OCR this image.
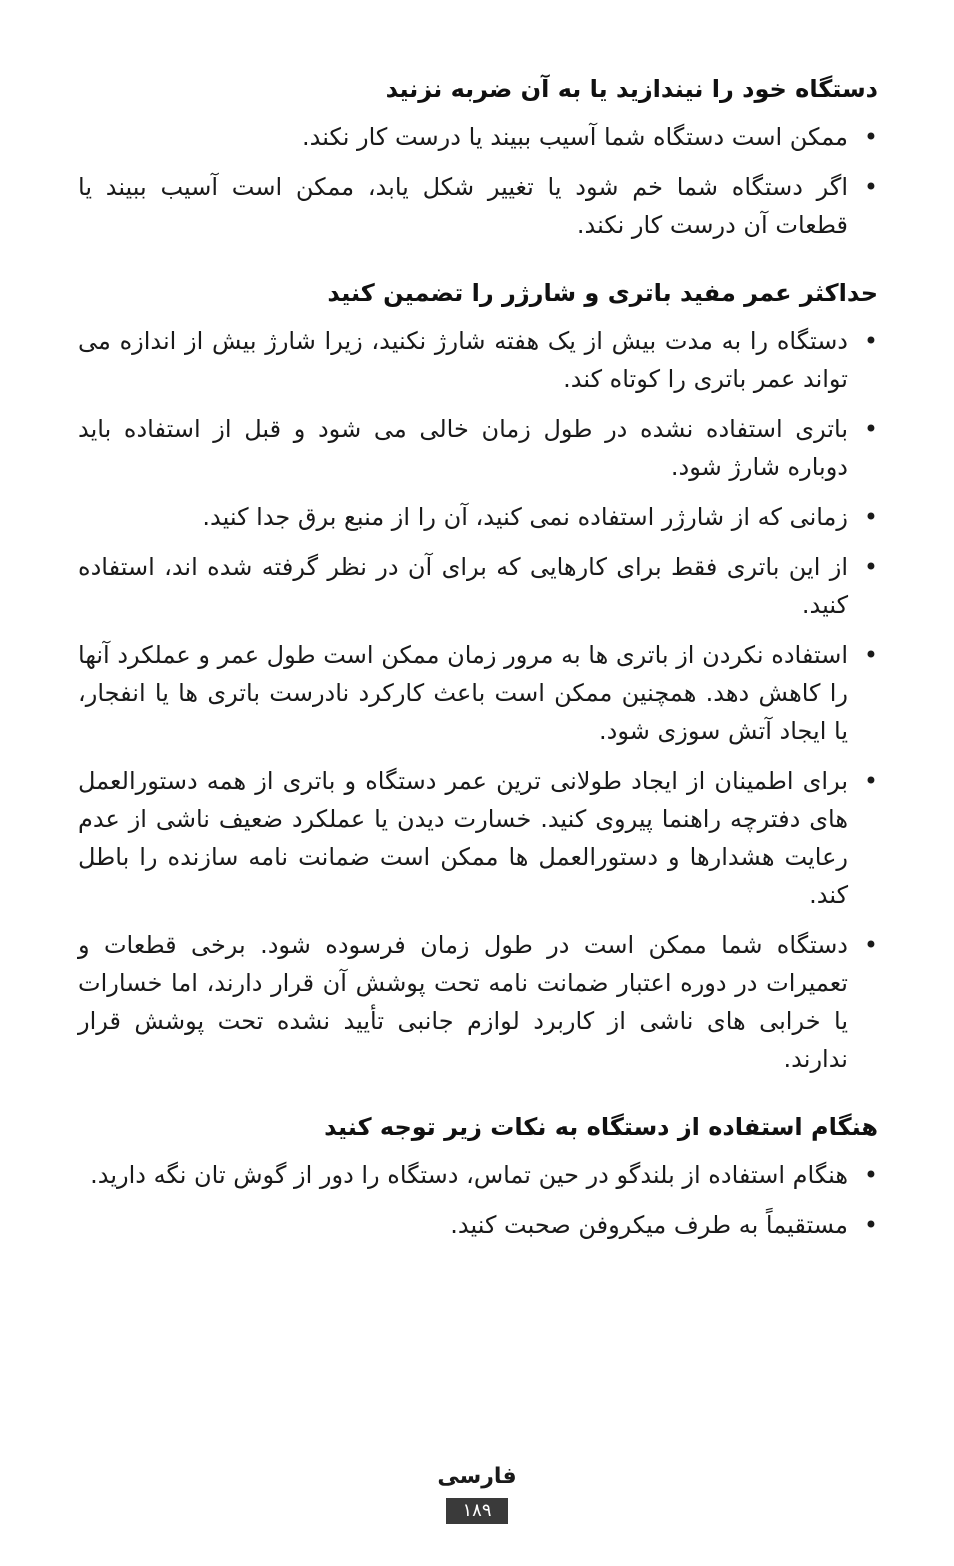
دستگاه خود را نیندازید یا به آن ضربه نزنید
•
ممکن است دستگاه شما آسیب ببیند یا درست کار نکند.
•
اگر دستگاه شما خم شود یا تغییر شکل یابد، ممکن است آسیب ببیند یا قطعات آن درست کار نکند.
حداکثر عمر مفید باتری و شارژر را تضمین کنید
•
دستگاه را به مدت بیش از یک هفته شارژ نکنید، زیرا شارژ بیش از اندازه می تواند عمر باتری را کوتاه کند.
•
باتری استفاده نشده در طول زمان خالی می شود و قبل از استفاده باید دوباره شارژ شود.
•
زمانی که از شارژر استفاده نمی کنید، آن را از منبع برق جدا کنید.
•
از این باتری فقط برای کارهایی که برای آن در نظر گرفته شده اند، استفاده کنید.
•
استفاده نکردن از باتری ها به مرور زمان ممکن است طول عمر و عملکرد آنها را کاهش دهد. همچنین ممکن است باعث کارکرد نادرست باتری ها یا انفجار، یا ایجاد آتش سوزی شود.
•
برای اطمینان از ایجاد طولانی ترین عمر دستگاه و باتری از همه دستورالعمل های دفترچه راهنما پیروی کنید. خسارت دیدن یا عملکرد ضعیف ناشی از عدم رعایت هشدارها و دستورالعمل ها ممکن است ضمانت نامه سازنده را باطل کند.
•
دستگاه شما ممکن است در طول زمان فرسوده شود. برخی قطعات و تعمیرات در دوره اعتبار ضمانت نامه تحت پوشش آن قرار دارند، اما خسارات یا خرابی های ناشی از کاربرد لوازم جانبی تأیید نشده تحت پوشش قرار ندارند.
هنگام استفاده از دستگاه به نکات زیر توجه کنید
•
هنگام استفاده از بلندگو در حین تماس، دستگاه را دور از گوش تان نگه دارید.
•
مستقیماً به طرف میکروفن صحبت کنید.
فارسی
۱۸۹
